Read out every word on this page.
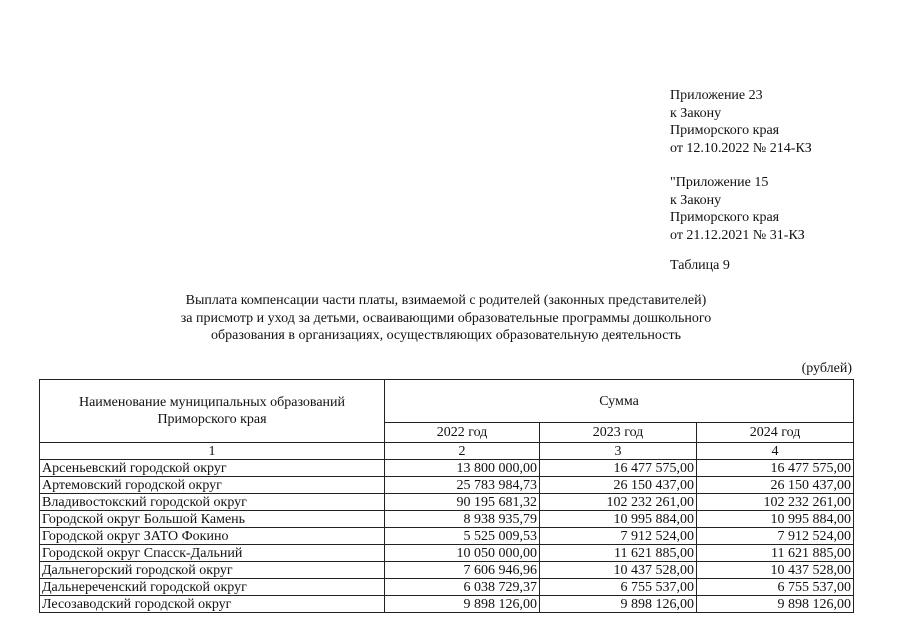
Приложение 23
к Закону
Приморского края
от 12.10.2022 № 214-КЗ
"Приложение 15
к Закону
Приморского края
от 21.12.2021 № 31-КЗ
Таблица 9
Выплата компенсации части платы, взимаемой с родителей (законных представителей)
за присмотр и уход за детьми, осваивающими образовательные программы дошкольного
образования в организациях, осуществляющих образовательную деятельность
(рублей)
Наименование муниципальных образований
Приморского края	Сумма		
	2022 год	2023 год	2024 год
1	2	3	4
Арсеньевский городской округ	13 800 000,00	16 477 575,00	16 477 575,00
Артемовский городской округ	25 783 984,73	26 150 437,00	26 150 437,00
Владивостокский городской округ	90 195 681,32	102 232 261,00	102 232 261,00
Городской округ Большой Камень	8 938 935,79	10 995 884,00	10 995 884,00
Городской округ ЗАТО Фокино	5 525 009,53	7 912 524,00	7 912 524,00
Городской округ Спасск-Дальний	10 050 000,00	11 621 885,00	11 621 885,00
Дальнегорский городской округ	7 606 946,96	10 437 528,00	10 437 528,00
Дальнереченский городской округ	6 038 729,37	6 755 537,00	6 755 537,00
Лесозаводский городской округ	9 898 126,00	9 898 126,00	9 898 126,00
